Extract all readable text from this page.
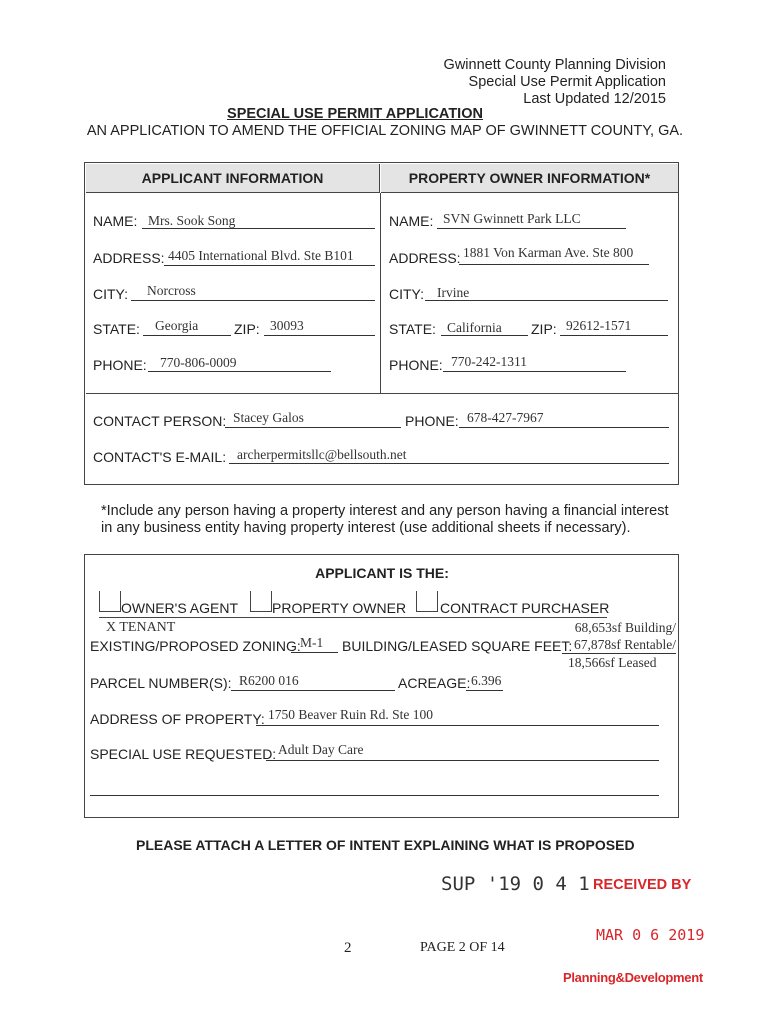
Gwinnett County Planning Division
Special Use Permit Application
Last Updated 12/2015
SPECIAL USE PERMIT APPLICATION
AN APPLICATION TO AMEND THE OFFICIAL ZONING MAP OF GWINNETT COUNTY, GA.
APPLICANT INFORMATION	PROPERTY OWNER INFORMATION*
NAME: Mrs. Sook Song
ADDRESS: 4405 International Blvd. Ste B101
CITY:	Norcross
STATE:	Georgia	ZIP: 30093
PHONE: 770-806-0009
NAME: SVN Gwinnett Park LLC
ADDRESS: 1881 Von Karman Ave. Ste 800
CITY: Irvine
STATE: California	ZIP: 92612-1571
PHONE: 770-242-1311
CONTACT PERSON: Stacey Galos	PHONE: 678-427-7967
CONTACT'S E-MAIL: archerpermitsllc@bellsouth.net
*Include any person having a property interest and any person having a financial interest
in any business entity having property interest (use additional sheets if necessary).
APPLICANT IS THE:
OWNER'S AGENT PROPERTY OWNER CONTRACT PURCHASER
X TENANT
EXISTING/PROPOSED ZONING: M-1	BUILDING/LEASED SQUARE FEET:
68,653sf Building/
67,878sf Rentable/
18,566sf Leased
PARCEL NUMBER(S): R6200 016	ACREAGE: 6.396
ADDRESS OF PROPERTY: 1750 Beaver Ruin Rd. Ste 100
SPECIAL USE REQUESTED: Adult Day Care
PLEASE ATTACH A LETTER OF INTENT EXPLAINING WHAT IS PROPOSED
SUP '19 0 4 1 RECEIVED BY
MAR 0 6 2019
2	PAGE 2 OF 14
Planning&Development
